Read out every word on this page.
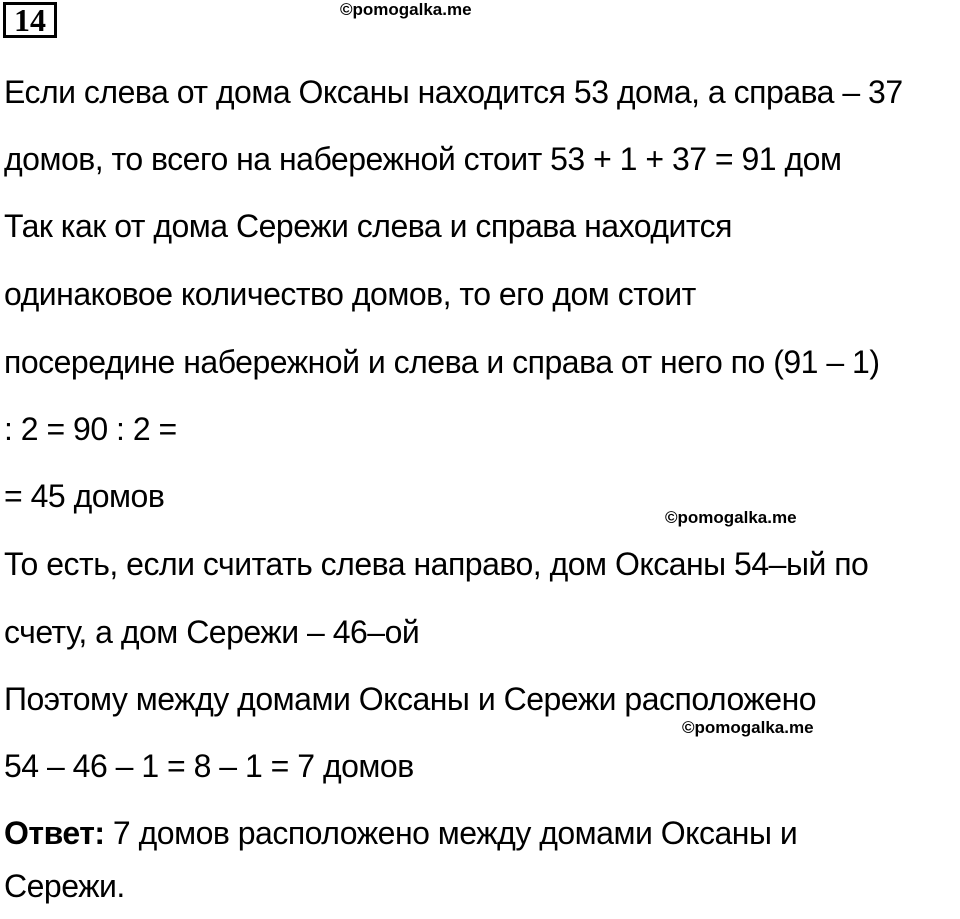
14	©pomogalka.me
©pomogalka.me
©pomogalka.me
Если слева от дома Оксаны находится 53 дома, а справа – 37
домов, то всего на набережной стоит 53 + 1 + 37 = 91 дом
Так как от дома Сережи слева и справа находится
одинаковое количество домов, то его дом стоит
посередине набережной и слева и справа от него по (91 – 1)
: 2 = 90 : 2 =
= 45 домов
То есть, если считать слева направо, дом Оксаны 54–ый по
счету, а дом Сережи – 46–ой
Поэтому между домами Оксаны и Сережи расположено
54 – 46 – 1 = 8 – 1 = 7 домов
Ответ: 7 домов расположено между домами Оксаны и
Сережи.
